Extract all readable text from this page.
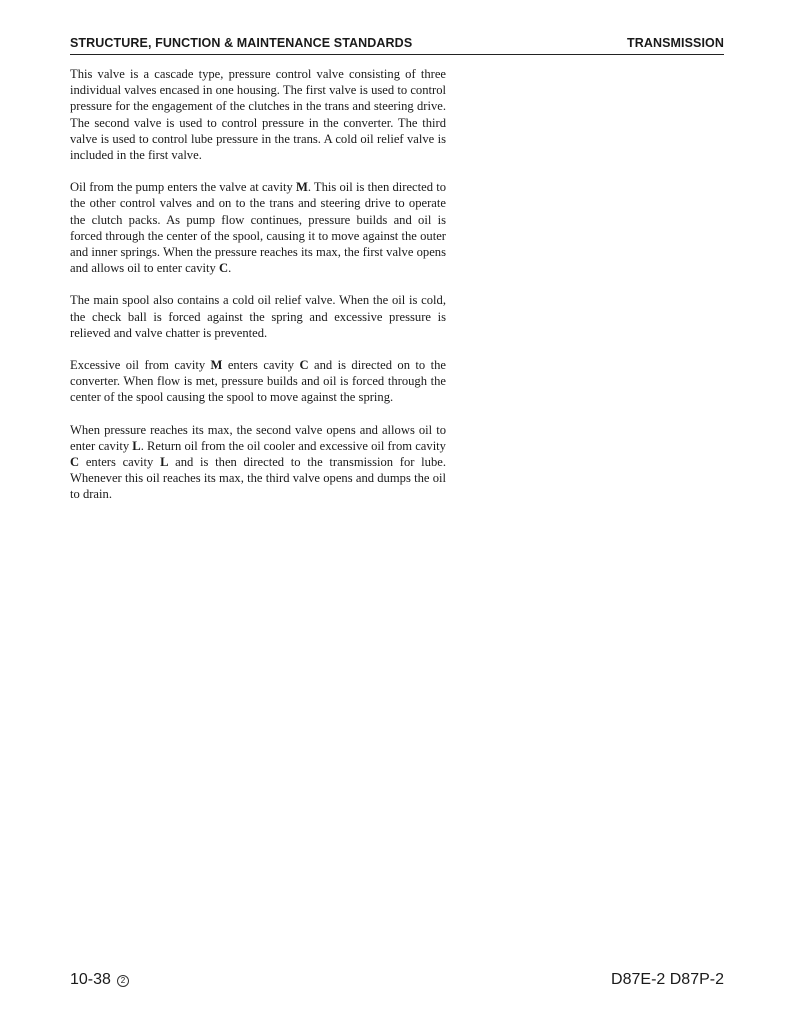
STRUCTURE, FUNCTION & MAINTENANCE STANDARDS	TRANSMISSION

This valve is a cascade type, pressure control valve consisting of three individual valves encased in one housing. The first valve is used to control pressure for the engagement of the clutches in the trans and steering drive. The second valve is used to control pressure in the converter. The third valve is used to control lube pressure in the trans. A cold oil relief valve is included in the first valve.

Oil from the pump enters the valve at cavity M. This oil is then directed to the other control valves and on to the trans and steering drive to operate the clutch packs. As pump flow continues, pressure builds and oil is forced through the center of the spool, causing it to move against the outer and inner springs. When the pressure reaches its max, the first valve opens and allows oil to enter cavity C.

The main spool also contains a cold oil relief valve. When the oil is cold, the check ball is forced against the spring and excessive pressure is relieved and valve chatter is prevented.

Excessive oil from cavity M enters cavity C and is directed on to the converter. When flow is met, pressure builds and oil is forced through the center of the spool causing the spool to move against the spring.

When pressure reaches its max, the second valve opens and allows oil to enter cavity L. Return oil from the oil cooler and excessive oil from cavity C enters cavity L and is then directed to the transmission for lube. Whenever this oil reaches its max, the third valve opens and dumps the oil to drain.

10-38 2	D87E-2 D87P-2
